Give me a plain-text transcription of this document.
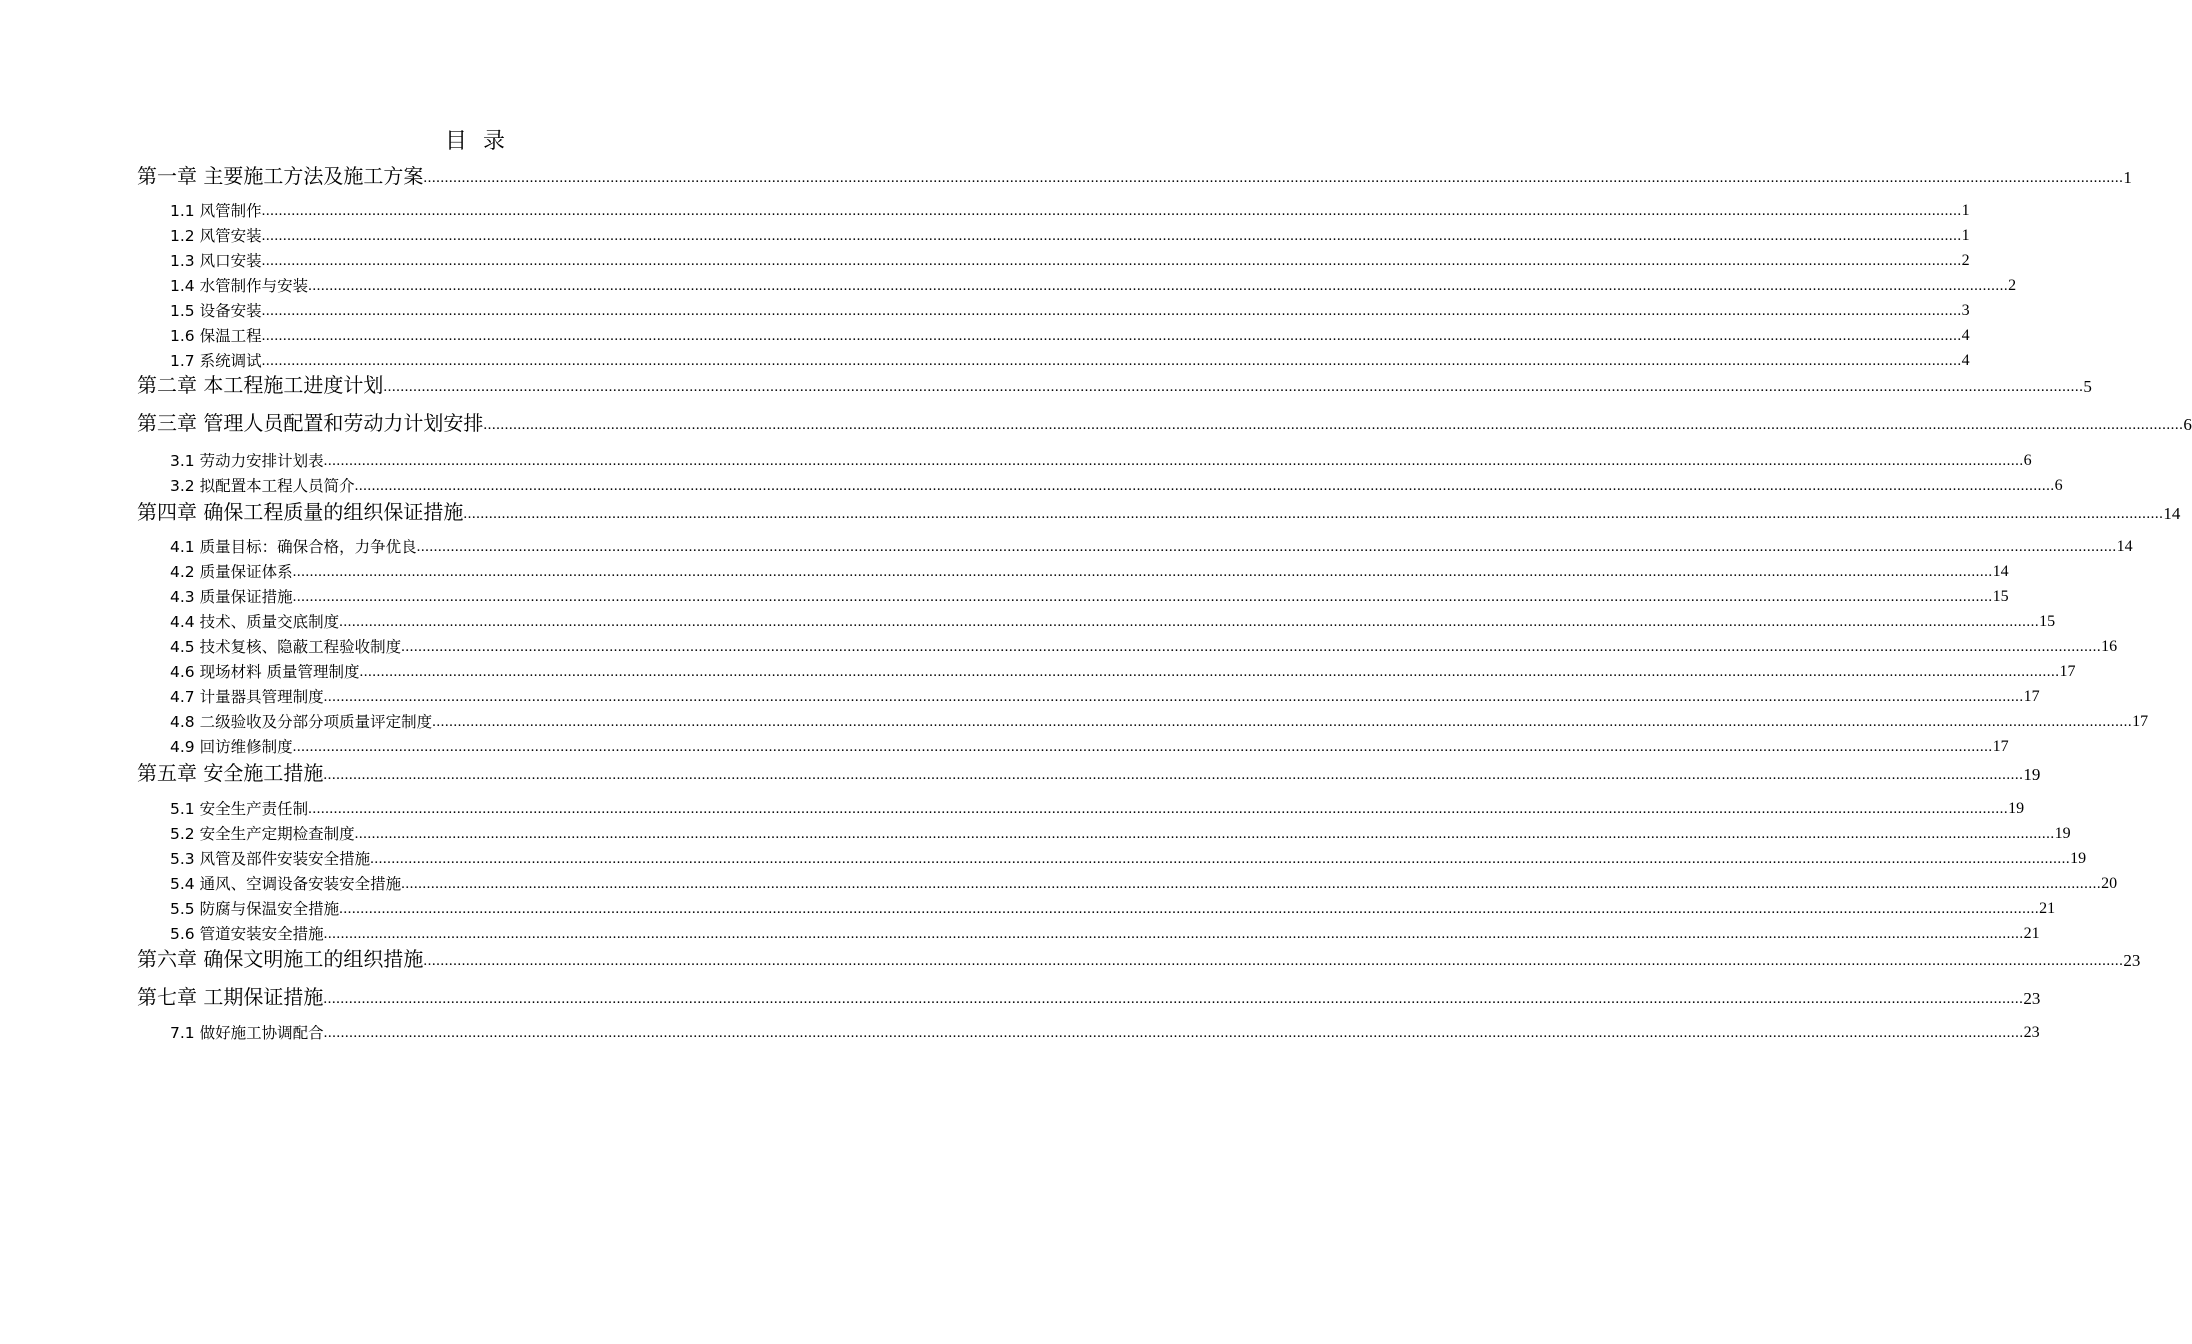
目录
第一章 主要施工方法及施工方案 ................................................................................................................................................................................................................................................................................................................................................................................................................ 1
1.1 风管制作 ................................................................................................................................................................................................................................................................................................................................................................................................................ 1
1.2 风管安装 ................................................................................................................................................................................................................................................................................................................................................................................................................ 1
1.3 风口安装 ................................................................................................................................................................................................................................................................................................................................................................................................................ 2
1.4 水管制作与安装 ................................................................................................................................................................................................................................................................................................................................................................................................................ 2
1.5 设备安装 ................................................................................................................................................................................................................................................................................................................................................................................................................ 3
1.6 保温工程 ................................................................................................................................................................................................................................................................................................................................................................................................................ 4
1.7 系统调试 ................................................................................................................................................................................................................................................................................................................................................................................................................ 4
第二章 本工程施工进度计划 ................................................................................................................................................................................................................................................................................................................................................................................................................ 5
第三章 管理人员配置和劳动力计划安排 ................................................................................................................................................................................................................................................................................................................................................................................................................ 6
3.1 劳动力安排计划表 ................................................................................................................................................................................................................................................................................................................................................................................................................ 6
3.2 拟配置本工程人员简介 ................................................................................................................................................................................................................................................................................................................................................................................................................ 6
第四章 确保工程质量的组织保证措施 ................................................................................................................................................................................................................................................................................................................................................................................................................ 14
4.1 质量目标：确保合格，力争优良 ................................................................................................................................................................................................................................................................................................................................................................................................................ 14
4.2 质量保证体系 ................................................................................................................................................................................................................................................................................................................................................................................................................ 14
4.3 质量保证措施 ................................................................................................................................................................................................................................................................................................................................................................................................................ 15
4.4 技术、质量交底制度 ................................................................................................................................................................................................................................................................................................................................................................................................................ 15
4.5 技术复核、隐蔽工程验收制度 ................................................................................................................................................................................................................................................................................................................................................................................................................ 16
4.6 现场材料 质量管理制度 ................................................................................................................................................................................................................................................................................................................................................................................................................ 17
4.7 计量器具管理制度 ................................................................................................................................................................................................................................................................................................................................................................................................................ 17
4.8 二级验收及分部分项质量评定制度 ................................................................................................................................................................................................................................................................................................................................................................................................................ 17
4.9 回访维修制度 ................................................................................................................................................................................................................................................................................................................................................................................................................ 17
第五章 安全施工措施 ................................................................................................................................................................................................................................................................................................................................................................................................................ 19
5.1 安全生产责任制 ................................................................................................................................................................................................................................................................................................................................................................................................................ 19
5.2 安全生产定期检查制度 ................................................................................................................................................................................................................................................................................................................................................................................................................ 19
5.3 风管及部件安装安全措施 ................................................................................................................................................................................................................................................................................................................................................................................................................ 19
5.4 通风、空调设备安装安全措施 ................................................................................................................................................................................................................................................................................................................................................................................................................ 20
5.5 防腐与保温安全措施 ................................................................................................................................................................................................................................................................................................................................................................................................................ 21
5.6 管道安装安全措施 ................................................................................................................................................................................................................................................................................................................................................................................................................ 21
第六章 确保文明施工的组织措施 ................................................................................................................................................................................................................................................................................................................................................................................................................ 23
第七章 工期保证措施 ................................................................................................................................................................................................................................................................................................................................................................................................................ 23
7.1 做好施工协调配合 ................................................................................................................................................................................................................................................................................................................................................................................................................ 23
